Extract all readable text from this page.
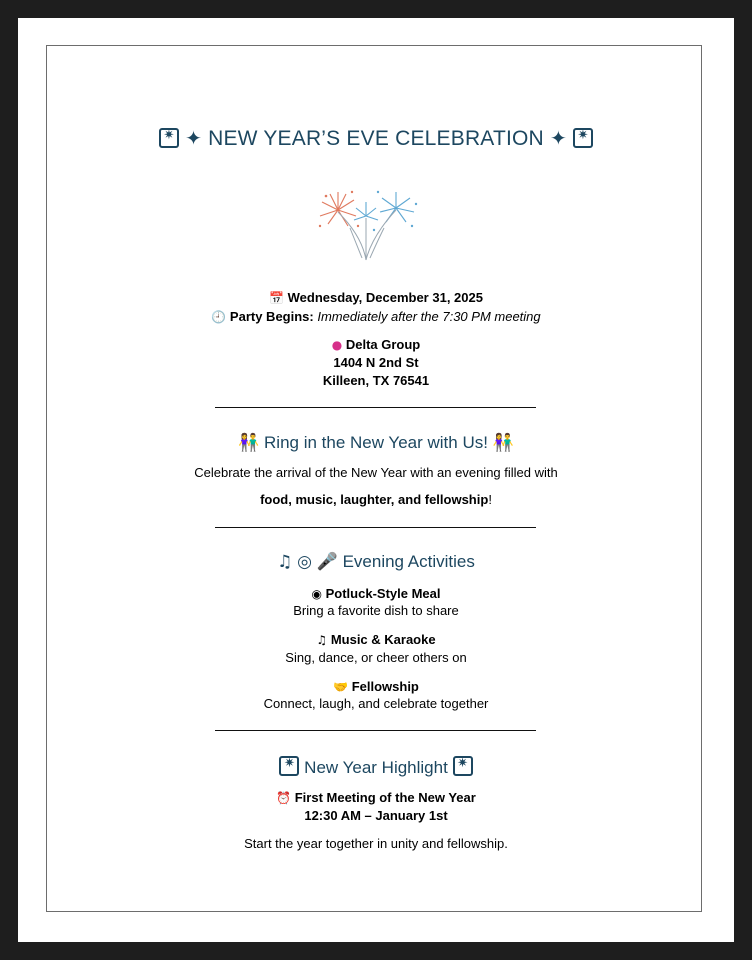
✷ ✦ NEW YEAR’S EVE CELEBRATION ✦ ✷
📅 Wednesday, December 31, 2025
🕘 Party Begins: Immediately after the 7:30 PM meeting
● Delta Group
1404 N 2nd St
Killeen, TX 76541
👫 Ring in the New Year with Us! 👫
Celebrate the arrival of the New Year with an evening filled with
food, music, laughter, and fellowship!
♫ ◎ 🎤 Evening Activities
◉ Potluck-Style Meal
Bring a favorite dish to share
♫ Music & Karaoke
Sing, dance, or cheer others on
🤝 Fellowship
Connect, laugh, and celebrate together
✷ New Year Highlight ✷
⏰ First Meeting of the New Year
12:30 AM – January 1st
Start the year together in unity and fellowship.
